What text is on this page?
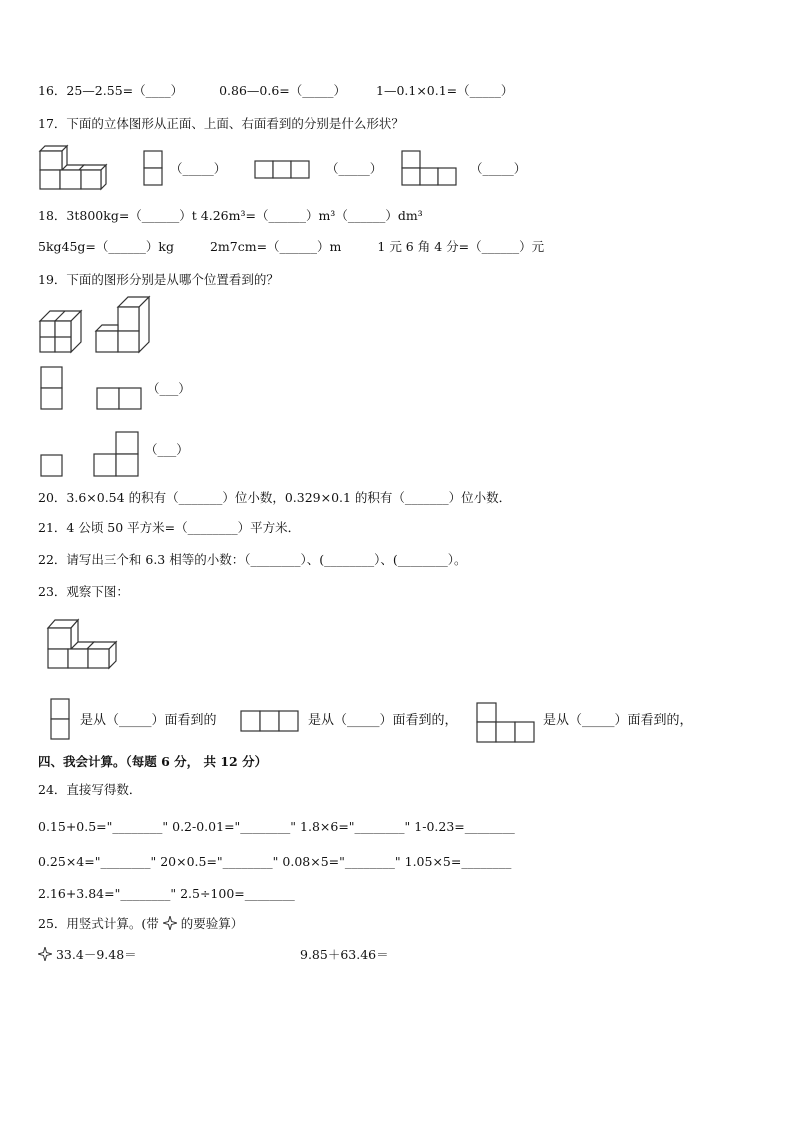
16．25—2.55=（____）	0.86—0.6=（_____） 1—0.1×0.1=（_____）
17．下面的立体图形从正面、上面、右面看到的分别是什么形状？
（_____）	（_____）	（_____）
18．3t800kg=（______）t 4.26m³=（______）m³（______）dm³
5kg45g=（______）kg	2m7cm=（______）m	1 元 6 角 4 分=（______）元
19．下面的图形分别是从哪个位置看到的？
（___）
（___）
20．3.6×0.54 的积有（_______）位小数，0.329×0.1 的积有（_______）位小数．
21．4 公顷 50 平方米=（________）平方米．
22．请写出三个和 6.3 相等的小数：（________）、(________）、(________）。
23．观察下图：
是从（_____）面看到的	是从（_____）面看到的，	是从（_____）面看到的，
四、我会计算。（每题 6 分， 共 12 分）
24．直接写得数．
0.15+0.5="________" 0.2-0.01="________" 1.8×6="________" 1-0.23=________
0.25×4="________" 20×0.5="________" 0.08×5="________" 1.05×5=________
2.16+3.84="________" 2.5÷100=________
25．用竖式计算。(带 的要验算）
33.4－9.48＝	9.85＋63.46＝
